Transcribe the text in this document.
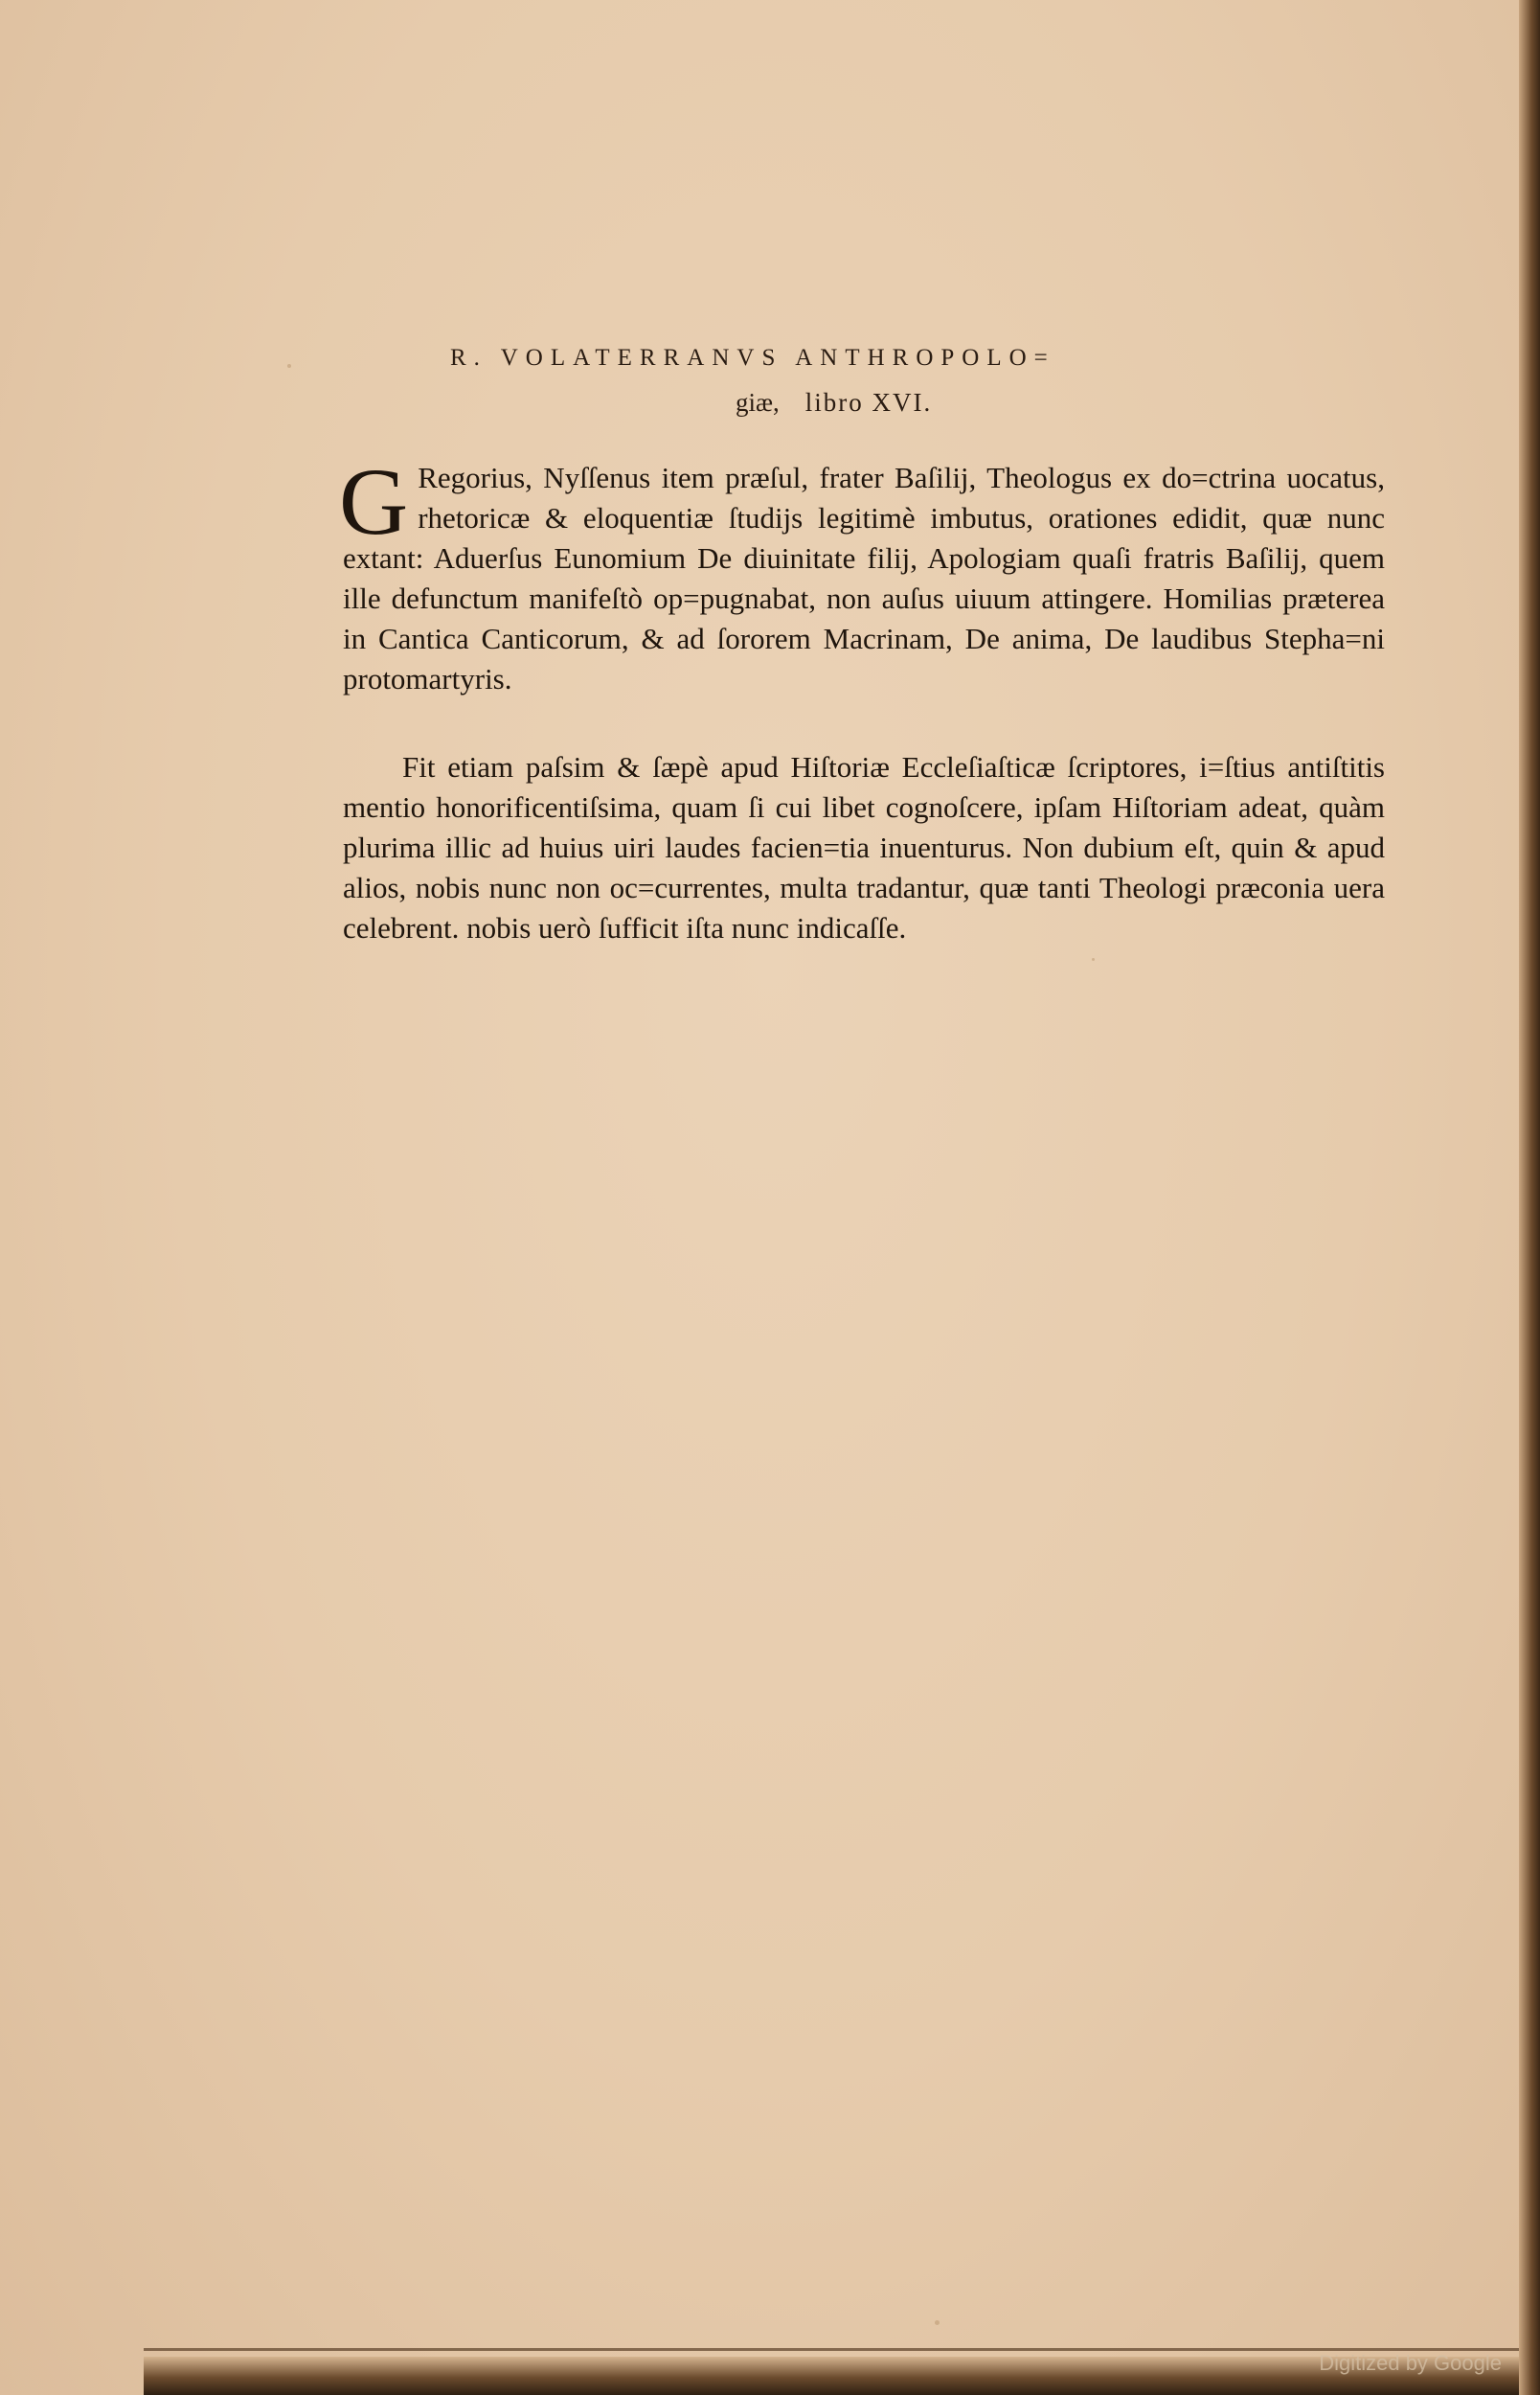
R. VOLATERRANVS ANTHROPOLO=
giæ, libro XVI.
G Regorius, Nyſſenus item præſul, frater Baſilij, Theologus ex do=ctrina uocatus, rhetoricæ & eloquentiæ ſtudijs legitimè imbutus, orationes edidit, quæ nunc extant: Aduerſus Eunomium De diuinitate filij, Apologiam quaſi fratris Baſilij, quem ille defunctum manifeſtò op=pugnabat, non auſus uiuum attingere. Homilias præterea in Cantica Canticorum, & ad ſororem Macrinam, De anima, De laudibus Stepha=ni protomartyris.

Fit etiam paſsim & ſæpè apud Hiſtoriæ Eccleſiaſticæ ſcriptores, i=ſtius antiſtitis mentio honorificentiſsima, quam ſi cui libet cognoſcere, ipſam Hiſtoriam adeat, quàm plurima illic ad huius uiri laudes facien=tia inuenturus. Non dubium eſt, quin & apud alios, nobis nunc non oc=currentes, multa tradantur, quæ tanti Theologi præconia uera celebrent. nobis uerò ſufficit iſta nunc indicaſſe.
Digitized by Google
